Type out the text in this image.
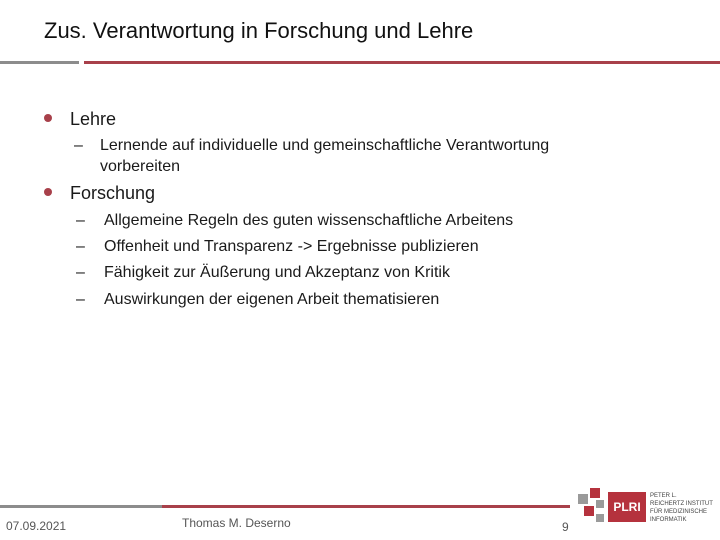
Zus. Verantwortung in Forschung und Lehre
Lehre
– Lernende auf individuelle und gemeinschaftliche Verantwortung
vorbereiten
Forschung
– Allgemeine Regeln des guten wissenschaftliche Arbeitens
– Offenheit und Transparenz -> Ergebnisse publizieren
– Fähigkeit zur Äußerung und Akzeptanz von Kritik
– Auswirkungen der eigenen Arbeit thematisieren
07.09.2021	Thomas M. Deserno	9
PLRI
PETER L.
REICHERTZ INSTITUT
FÜR MEDIZINISCHE
INFORMATIK
